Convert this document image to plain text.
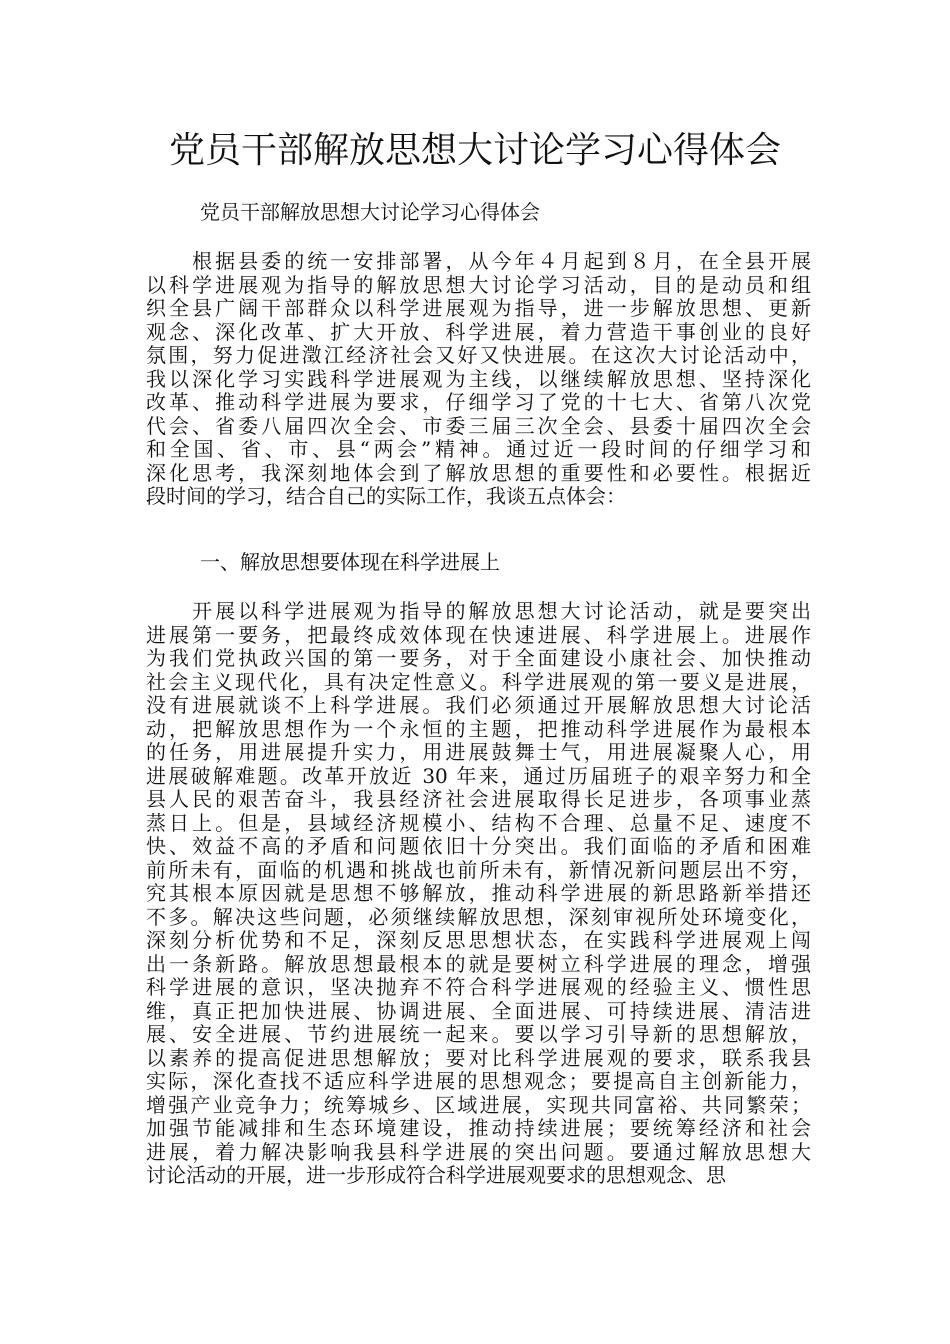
党员干部解放思想大讨论学习心得体会

党员干部解放思想大讨论学习心得体会

　　根据县委的统一安排部署，从今年４月起到８月，在全县开展
以科学进展观为指导的解放思想大讨论学习活动，目的是动员和组
织全县广阔干部群众以科学进展观为指导，进一步解放思想、更新
观念、深化改革、扩大开放、科学进展，着力营造干事创业的良好
氛围，努力促进澂江经济社会又好又快进展。在这次大讨论活动中，
我以深化学习实践科学进展观为主线，以继续解放思想、坚持深化
改革、推动科学进展为要求，仔细学习了党的十七大、省第八次党
代会、省委八届四次全会、市委三届三次全会、县委十届四次全会
和全国、省、市、县“两会”精神。通过近一段时间的仔细学习和
深化思考，我深刻地体会到了解放思想的重要性和必要性。根据近
段时间的学习，结合自己的实际工作，我谈五点体会：

一、解放思想要体现在科学进展上

　　开展以科学进展观为指导的解放思想大讨论活动，就是要突出
进展第一要务，把最终成效体现在快速进展、科学进展上。进展作
为我们党执政兴国的第一要务，对于全面建设小康社会、加快推动
社会主义现代化，具有决定性意义。科学进展观的第一要义是进展，
没有进展就谈不上科学进展。我们必须通过开展解放思想大讨论活
动，把解放思想作为一个永恒的主题，把推动科学进展作为最根本
的任务，用进展提升实力，用进展鼓舞士气，用进展凝聚人心，用
进展破解难题。改革开放近 30 年来，通过历届班子的艰辛努力和全
县人民的艰苦奋斗，我县经济社会进展取得长足进步，各项事业蒸
蒸日上。但是，县域经济规模小、结构不合理、总量不足、速度不
快、效益不高的矛盾和问题依旧十分突出。我们面临的矛盾和困难
前所未有，面临的机遇和挑战也前所未有，新情况新问题层出不穷，
究其根本原因就是思想不够解放，推动科学进展的新思路新举措还
不多。解决这些问题，必须继续解放思想，深刻审视所处环境变化，
深刻分析优势和不足，深刻反思思想状态，在实践科学进展观上闯
出一条新路。解放思想最根本的就是要树立科学进展的理念，增强
科学进展的意识，坚决抛弃不符合科学进展观的经验主义、惯性思
维，真正把加快进展、协调进展、全面进展、可持续进展、清洁进
展、安全进展、节约进展统一起来。要以学习引导新的思想解放，
以素养的提高促进思想解放；要对比科学进展观的要求，联系我县
实际，深化查找不适应科学进展的思想观念；要提高自主创新能力，
增强产业竞争力；统筹城乡、区域进展，实现共同富裕、共同繁荣；
加强节能减排和生态环境建设，推动持续进展；要统筹经济和社会
进展，着力解决影响我县科学进展的突出问题。要通过解放思想大
讨论活动的开展，进一步形成符合科学进展观要求的思想观念、思
